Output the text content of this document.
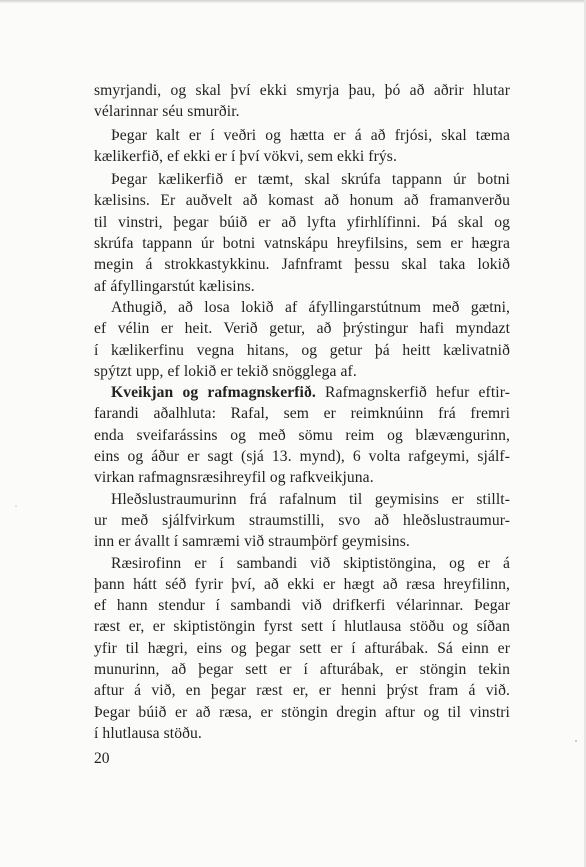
smyrjandi, og skal því ekki smyrja þau, þó að aðrir hlutar
vélarinnar séu smurðir.

Þegar kalt er í veðri og hætta er á að frjósi, skal tæma
kælikerfið, ef ekki er í því vökvi, sem ekki frýs.

Þegar kælikerfið er tæmt, skal skrúfa tappann úr botni
kælisins. Er auðvelt að komast að honum að framanverðu
til vinstri, þegar búið er að lyfta yfirhlífinni. Þá skal og
skrúfa tappann úr botni vatnskápu hreyfilsins, sem er hægra
megin á strokkastykkinu. Jafnframt þessu skal taka lokið
af áfyllingarstút kælisins.

Athugið, að losa lokið af áfyllingarstútnum með gætni,
ef vélin er heit. Verið getur, að þrýstingur hafi myndazt
í kælikerfinu vegna hitans, og getur þá heitt kælivatnið
spýtzt upp, ef lokið er tekið snögglega af.

Kveikjan og rafmagnskerfið. Rafmagnskerfið hefur eftir-
farandi aðalhluta: Rafal, sem er reimknúinn frá fremri
enda sveifarássins og með sömu reim og blævængurinn,
eins og áður er sagt (sjá 13. mynd), 6 volta rafgeymi, sjálf-
virkan rafmagnsræsihreyfil og rafkveikjuna.

Hleðslustraumurinn frá rafalnum til geymisins er stillt-
ur með sjálfvirkum straumstilli, svo að hleðslustraumur-
inn er ávallt í samræmi við straumþörf geymisins.

Ræsirofinn er í sambandi við skiptistöngina, og er á
þann hátt séð fyrir því, að ekki er hægt að ræsa hreyfilinn,
ef hann stendur í sambandi við drifkerfi vélarinnar. Þegar
ræst er, er skiptistöngin fyrst sett í hlutlausa stöðu og síðan
yfir til hægri, eins og þegar sett er í afturábak. Sá einn er
munurinn, að þegar sett er í afturábak, er stöngin tekin
aftur á við, en þegar ræst er, er henni þrýst fram á við.
Þegar búið er að ræsa, er stöngin dregin aftur og til vinstri
í hlutlausa stöðu.

20
